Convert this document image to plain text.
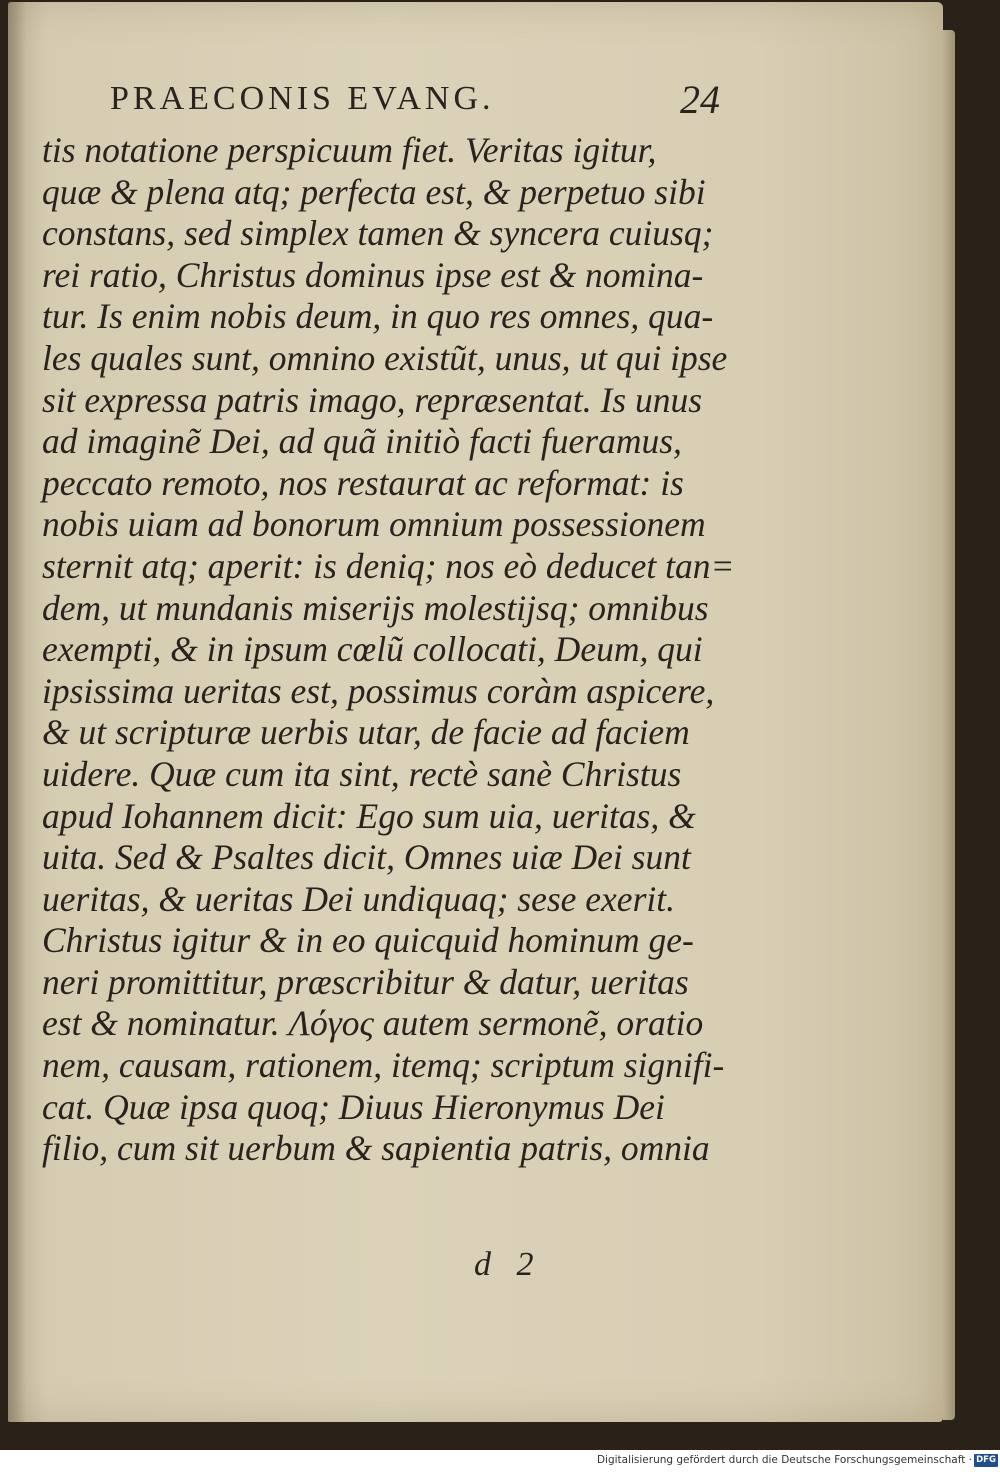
PRAECONIS EVANG.	24
tis notatione perspicuum fiet. Veritas igitur,
quæ & plena atq; perfecta est, & perpetuo sibi
constans, sed simplex tamen & syncera cuiusq;
rei ratio, Christus dominus ipse est & nomina-
tur. Is enim nobis deum, in quo res omnes, qua-
les quales sunt, omnino existũt, unus, ut qui ipse
sit expressa patris imago, repræsentat. Is unus
ad imaginẽ Dei, ad quã initiò facti fueramus,
peccato remoto, nos restaurat ac reformat: is
nobis uiam ad bonorum omnium possessionem
sternit atq; aperit: is deniq; nos eò deducet tan=
dem, ut mundanis miserijs molestijsq; omnibus
exempti, & in ipsum cœlũ collocati, Deum, qui
ipsissima ueritas est, possimus coràm aspicere,
& ut scripturæ uerbis utar, de facie ad faciem
uidere. Quæ cum ita sint, rectè sanè Christus
apud Iohannem dicit: Ego sum uia, ueritas, &
uita. Sed & Psaltes dicit, Omnes uiæ Dei sunt
ueritas, & ueritas Dei undiquaq; sese exerit.
Christus igitur & in eo quicquid hominum ge-
neri promittitur, præscribitur & datur, ueritas
est & nominatur. Λόγος autem sermonẽ, oratio
nem, causam, rationem, itemq; scriptum signifi-
cat. Quæ ipsa quoq; Diuus Hieronymus Dei
filio, cum sit uerbum & sapientia patris, omnia
d   2
Digitalisierung gefördert durch die Deutsche Forschungsgemeinschaft · DFG
